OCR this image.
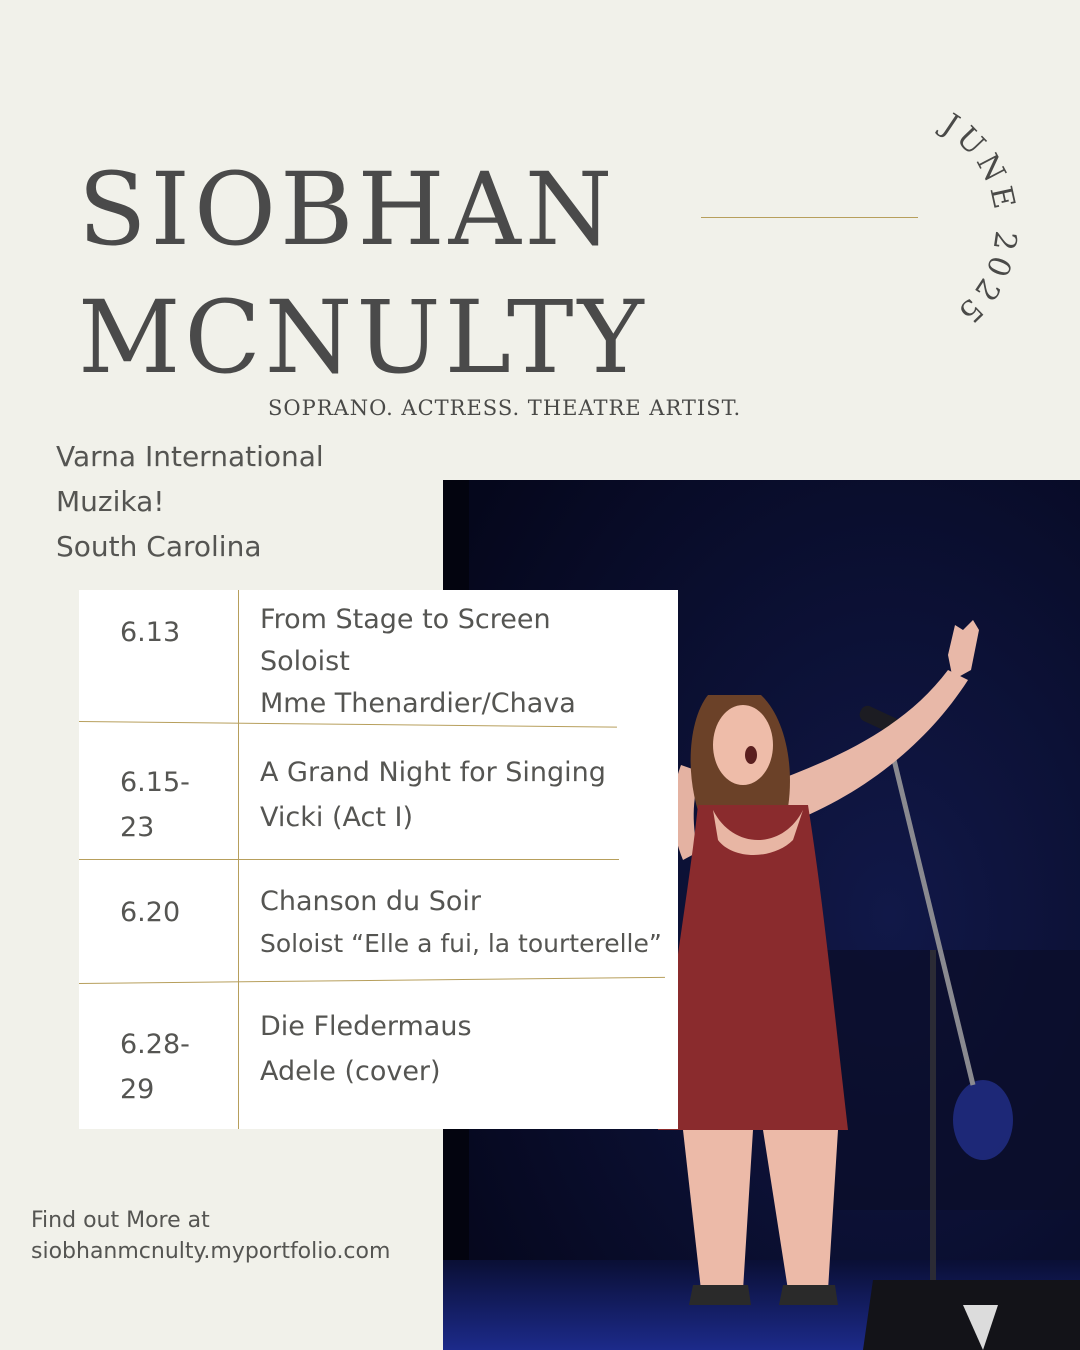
SIOBHAN
MCNULTY
JUNE 2025
SOPRANO. ACTRESS. THEATRE ARTIST.
Varna International
Muzika!
South Carolina
6.13	From Stage to Screen
Soloist
Mme Thenardier/Chava
6.15-
23
A Grand Night for Singing
Vicki (Act I)
6.20	Chanson du Soir
Soloist “Elle a fui, la tourterelle”
6.28-
29
Die Fledermaus
Adele (cover)
Find out More at
siobhanmcnulty.myportfolio.com
